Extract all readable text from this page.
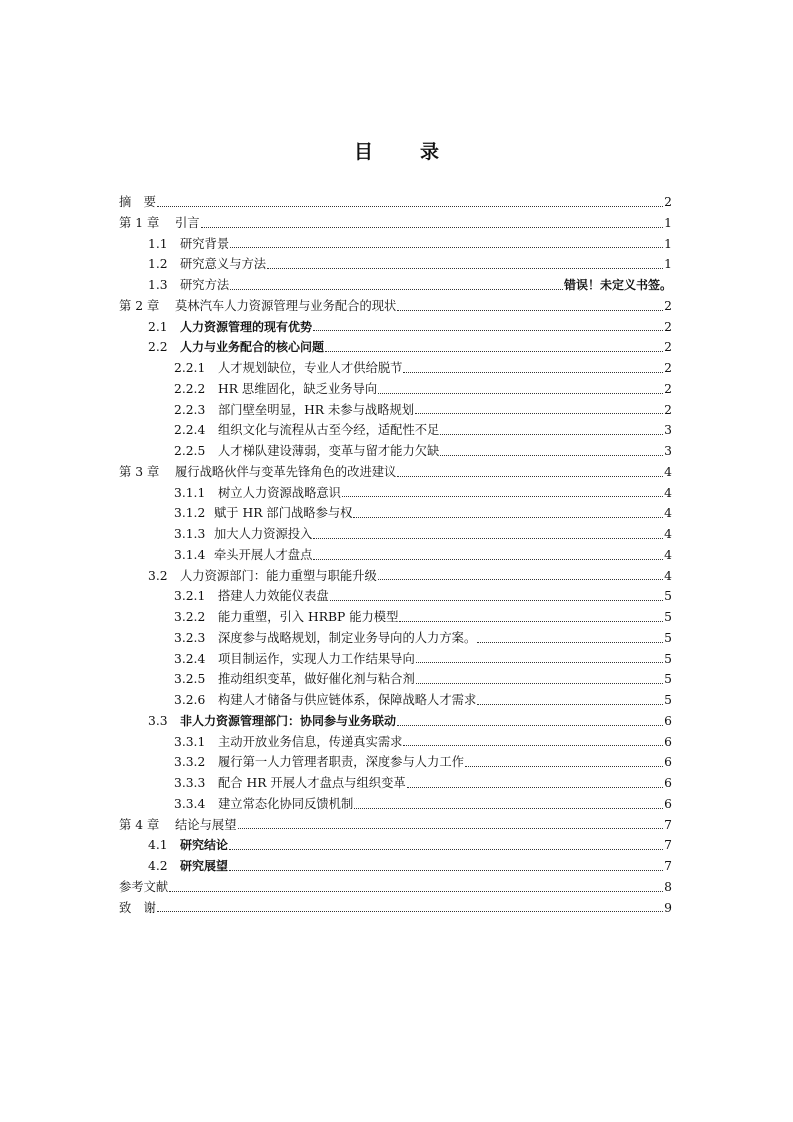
目　录
摘　要	2
第 1 章	引言	1
1.1	研究背景	1
1.2	研究意义与方法	1
1.3	研究方法	错误！未定义书签。
第 2 章	莫林汽车人力资源管理与业务配合的现状	2
2.1	人力资源管理的现有优势	2
2.2	人力与业务配合的核心问题	2
2.2.1	人才规划缺位，专业人才供给脱节	2
2.2.2	HR 思维固化，缺乏业务导向	2
2.2.3	部门壁垒明显，HR 未参与战略规划	2
2.2.4	组织文化与流程从古至今经，适配性不足	3
2.2.5	人才梯队建设薄弱，变革与留才能力欠缺	3
第 3 章	履行战略伙伴与变革先锋角色的改进建议	4
3.1.1	树立人力资源战略意识	4
3.1.2 赋于 HR 部门战略参与权	4
3.1.3 加大人力资源投入	4
3.1.4 牵头开展人才盘点	4
3.2	人力资源部门：能力重塑与职能升级	4
3.2.1	搭建人力效能仪表盘	5
3.2.2	能力重塑，引入 HRBP 能力模型	5
3.2.3	深度参与战略规划，制定业务导向的人力方案。	5
3.2.4	项目制运作，实现人力工作结果导向	5
3.2.5	推动组织变革，做好催化剂与粘合剂	5
3.2.6	构建人才储备与供应链体系，保障战略人才需求	5
3.3	非人力资源管理部门：协同参与业务联动	6
3.3.1	主动开放业务信息，传递真实需求	6
3.3.2	履行第一人力管理者职责，深度参与人力工作	6
3.3.3	配合 HR 开展人才盘点与组织变革	6
3.3.4	建立常态化协同反馈机制	6
第 4 章	结论与展望	7
4.1	研究结论	7
4.2	研究展望	7
参考文献	8
致　谢	9
